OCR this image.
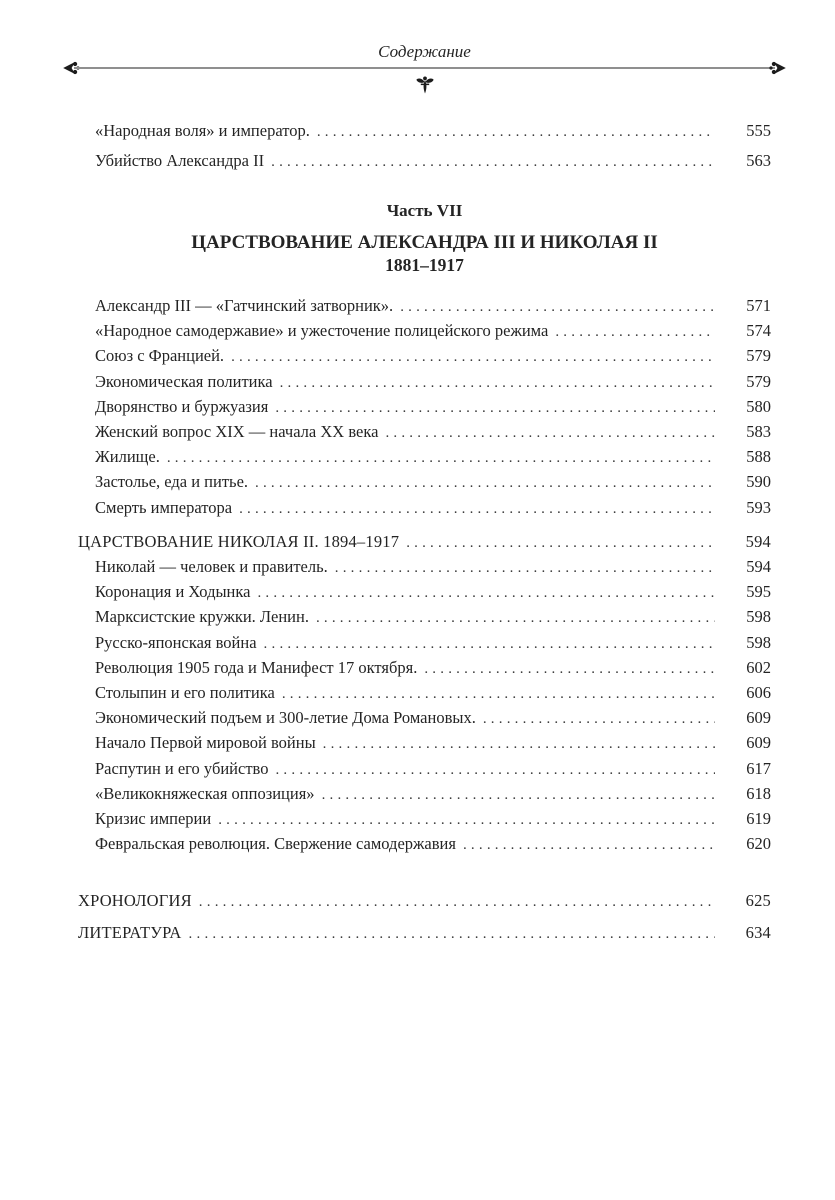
Содержание
«Народная воля» и император. .....	555
Убийство Александра II .....	563
Часть VII
ЦАРСТВОВАНИЕ АЛЕКСАНДРА III И НИКОЛАЯ II
1881–1917
Александр III — «Гатчинский затворник». .....	571
«Народное самодержавие» и ужесточение полицейского режима .....	574
Союз с Францией. .....	579
Экономическая политика .....	579
Дворянство и буржуазия .....	580
Женский вопрос XIX — начала XX века .....	583
Жилище. .....	588
Застолье, еда и питье. .....	590
Смерть императора .....	593
ЦАРСТВОВАНИЕ НИКОЛАЯ II. 1894–1917 .....	594
Николай — человек и правитель. .....	594
Коронация и Ходынка .....	595
Марксистские кружки. Ленин. .....	598
Русско-японская война .....	598
Революция 1905 года и Манифест 17 октября. .....	602
Столыпин и его политика .....	606
Экономический подъем и 300-летие Дома Романовых. .....	609
Начало Первой мировой войны .....	609
Распутин и его убийство .....	617
«Великокняжеская оппозиция» .....	618
Кризис империи .....	619
Февральская революция. Свержение самодержавия .....	620
ХРОНОЛОГИЯ .....	625
ЛИТЕРАТУРА .....	634
